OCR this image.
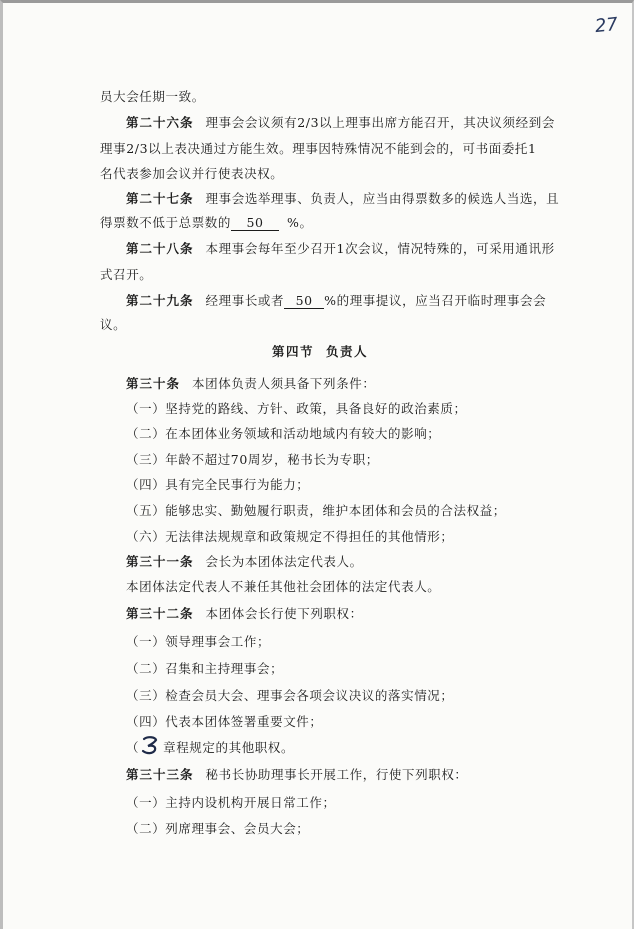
27
员大会任期一致。
第二十六条 理事会会议须有2/3以上理事出席方能召开，其决议须经到会
理事2/3以上表决通过方能生效。理事因特殊情况不能到会的，可书面委托1
名代表参加会议并行使表决权。
第二十七条 理事会选举理事、负责人，应当由得票数多的候选人当选，且
得票数不低于总票数的 50 %。
第二十八条 本理事会每年至少召开1次会议，情况特殊的，可采用通讯形
式召开。
第二十九条 经理事长或者 50 %的理事提议，应当召开临时理事会会
议。
第四节 负责人
第三十条 本团体负责人须具备下列条件：
（一）坚持党的路线、方针、政策，具备良好的政治素质；
（二）在本团体业务领域和活动地域内有较大的影响；
（三）年龄不超过70周岁，秘书长为专职；
（四）具有完全民事行为能力；
（五）能够忠实、勤勉履行职责，维护本团体和会员的合法权益；
（六）无法律法规规章和政策规定不得担任的其他情形；
第三十一条 会长为本团体法定代表人。
本团体法定代表人不兼任其他社会团体的法定代表人。
第三十二条 本团体会长行使下列职权：
（一）领导理事会工作；
（二）召集和主持理事会；
（三）检查会员大会、理事会各项会议决议的落实情况；
（四）代表本团体签署重要文件；
（ 章程规定的其他职权。
第三十三条 秘书长协助理事长开展工作，行使下列职权：
（一）主持内设机构开展日常工作；
（二）列席理事会、会员大会；
